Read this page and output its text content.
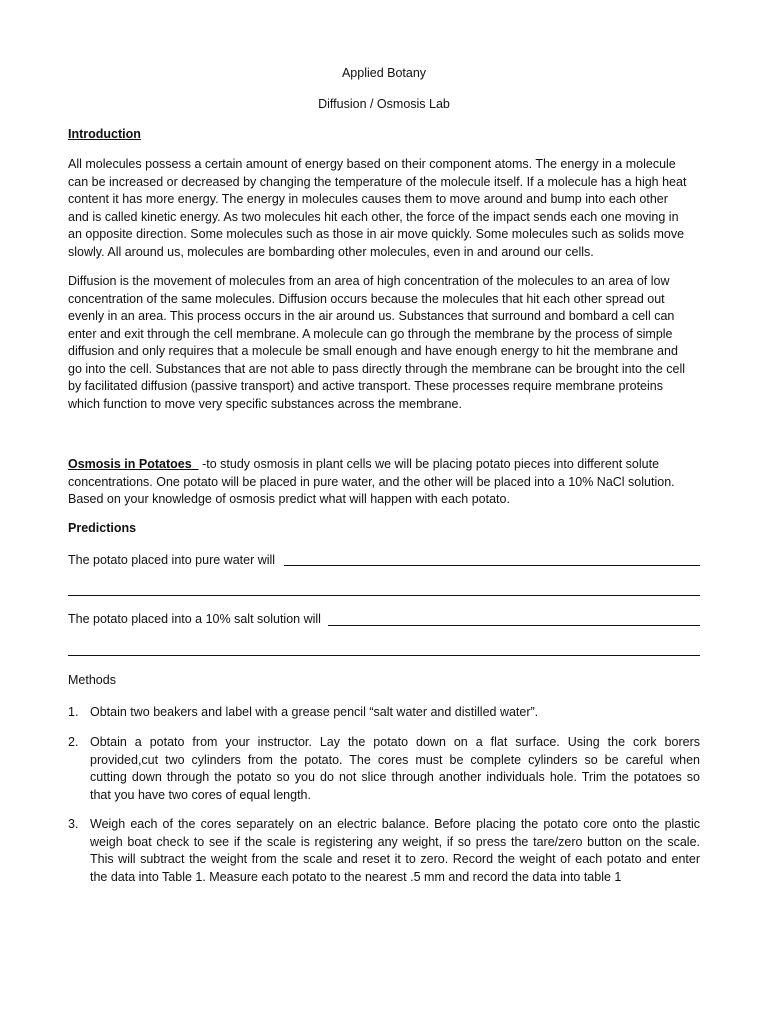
Applied Botany
Diffusion / Osmosis Lab
Introduction
All molecules possess a certain amount of energy based on their component atoms. The energy in a molecule
can be increased or decreased by changing the temperature of the molecule itself. If a molecule has a high heat
content it has more energy. The energy in molecules causes them to move around and bump into each other
and is called kinetic energy. As two molecules hit each other, the force of the impact sends each one moving in
an opposite direction. Some molecules such as those in air move quickly. Some molecules such as solids move
slowly. All around us, molecules are bombarding other molecules, even in and around our cells.
Diffusion is the movement of molecules from an area of high concentration of the molecules to an area of low
concentration of the same molecules. Diffusion occurs because the molecules that hit each other spread out
evenly in an area. This process occurs in the air around us. Substances that surround and bombard a cell can
enter and exit through the cell membrane. A molecule can go through the membrane by the process of simple
diffusion and only requires that a molecule be small enough and have enough energy to hit the membrane and
go into the cell. Substances that are not able to pass directly through the membrane can be brought into the cell
by facilitated diffusion (passive transport) and active transport. These processes require membrane proteins
which function to move very specific substances across the membrane.
Osmosis in Potatoes   -to study osmosis in plant cells we will be placing potato pieces into different solute
concentrations. One potato will be placed in pure water, and the other will be placed into a 10% NaCl solution.
Based on your knowledge of osmosis predict what will happen with each potato.
Predictions
The potato placed into pure water will
The potato placed into a 10% salt solution will
Methods
1. Obtain two beakers and label with a grease pencil “salt water and distilled water”.
2. Obtain a potato from your instructor. Lay the potato down on a flat surface. Using the cork borers
provided,cut two cylinders from the potato. The cores must be complete cylinders so be careful when
cutting down through the potato so you do not slice through another individuals hole. Trim the potatoes so
that you have two cores of equal length.
3. Weigh each of the cores separately on an electric balance. Before placing the potato core onto the plastic
weigh boat check to see if the scale is registering any weight, if so press the tare/zero button on the scale.
This will subtract the weight from the scale and reset it to zero. Record the weight of each potato and enter
the data into Table 1. Measure each potato to the nearest .5 mm and record the data into table 1
